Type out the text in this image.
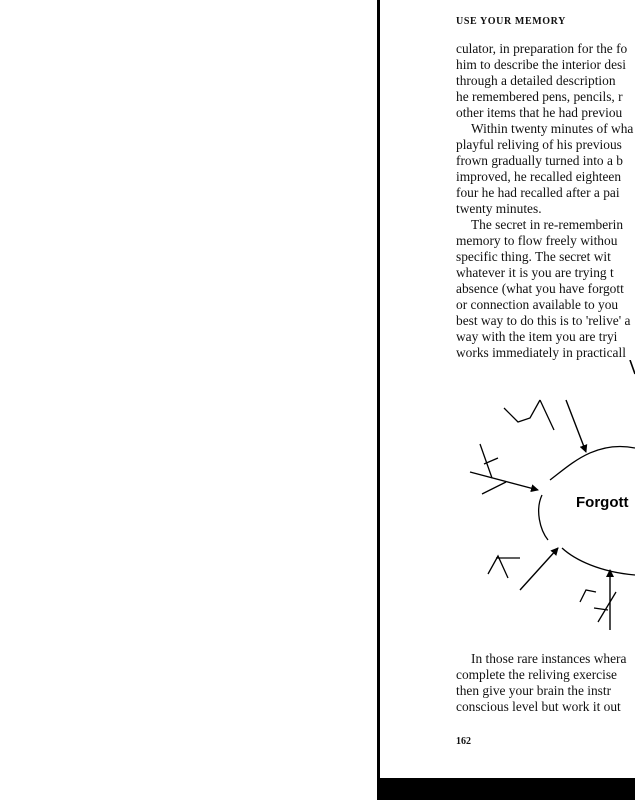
USE YOUR MEMORY
culator, in preparation for the fo
him to describe the interior desi
through a detailed description
he remembered pens, pencils, r
other items that he had previou
Within twenty minutes of wha
playful reliving of his previous
frown gradually turned into a b
improved, he recalled eighteen
four he had recalled after a pai
twenty minutes.
The secret in re-rememberin
memory to flow freely withou
specific thing. The secret wit
whatever it is you are trying t
absence (what you have forgott
or connection available to you
best way to do this is to 'relive' a
way with the item you are tryi
works immediately in practicall
Forgott
In those rare instances whera
complete the reliving exercise
then give your brain the instr
conscious level but work it out
162
